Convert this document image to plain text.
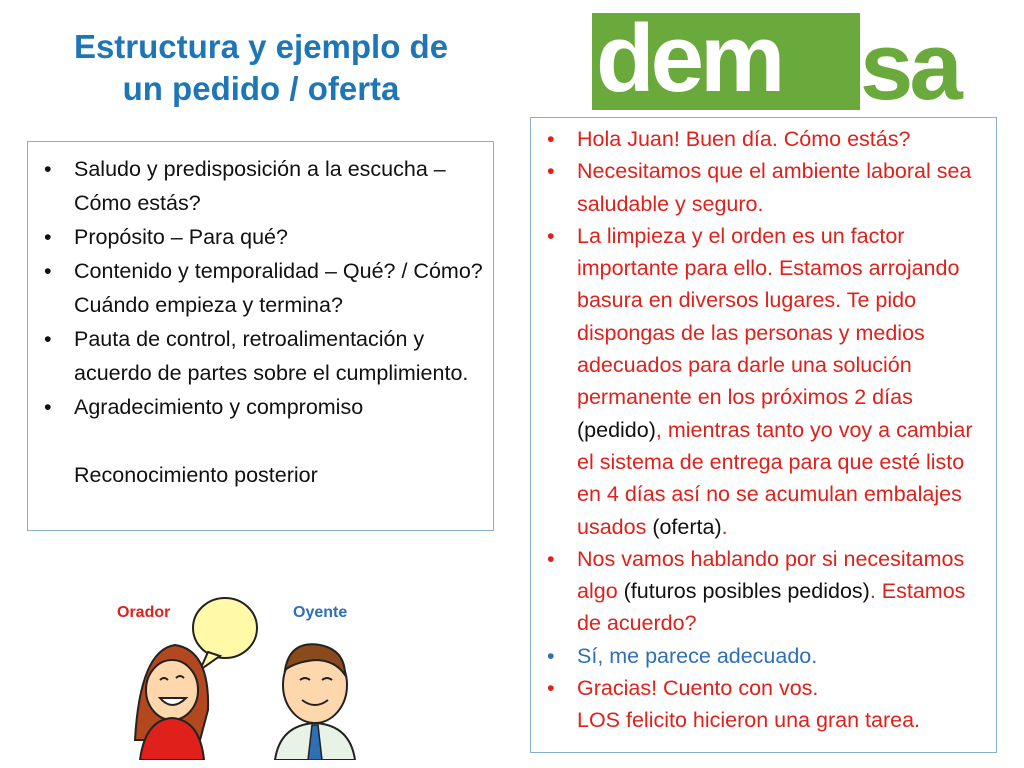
Estructura y ejemplo de
un pedido / oferta	dem sa
• Saludo y predisposición a la escucha – Cómo estás?
• Propósito – Para qué?
• Contenido y temporalidad – Qué? / Cómo? Cuándo empieza y termina?
• Pauta de control, retroalimentación y acuerdo de partes sobre el cumplimiento.
• Agradecimiento y compromiso
Reconocimiento posterior
• Hola Juan! Buen día. Cómo estás?
• Necesitamos que el ambiente laboral sea saludable y seguro.
• La limpieza y el orden es un factor importante para ello. Estamos arrojando basura en diversos lugares. Te pido dispongas de las personas y medios adecuados para darle una solución permanente en los próximos 2 días (pedido), mientras tanto yo voy a cambiar el sistema de entrega para que esté listo en 4 días así no se acumulan embalajes usados (oferta).
• Nos vamos hablando por si necesitamos algo (futuros posibles pedidos). Estamos de acuerdo?
• Sí, me parece adecuado.
• Gracias! Cuento con vos.
LOS felicito hicieron una gran tarea.
Orador	Oyente
